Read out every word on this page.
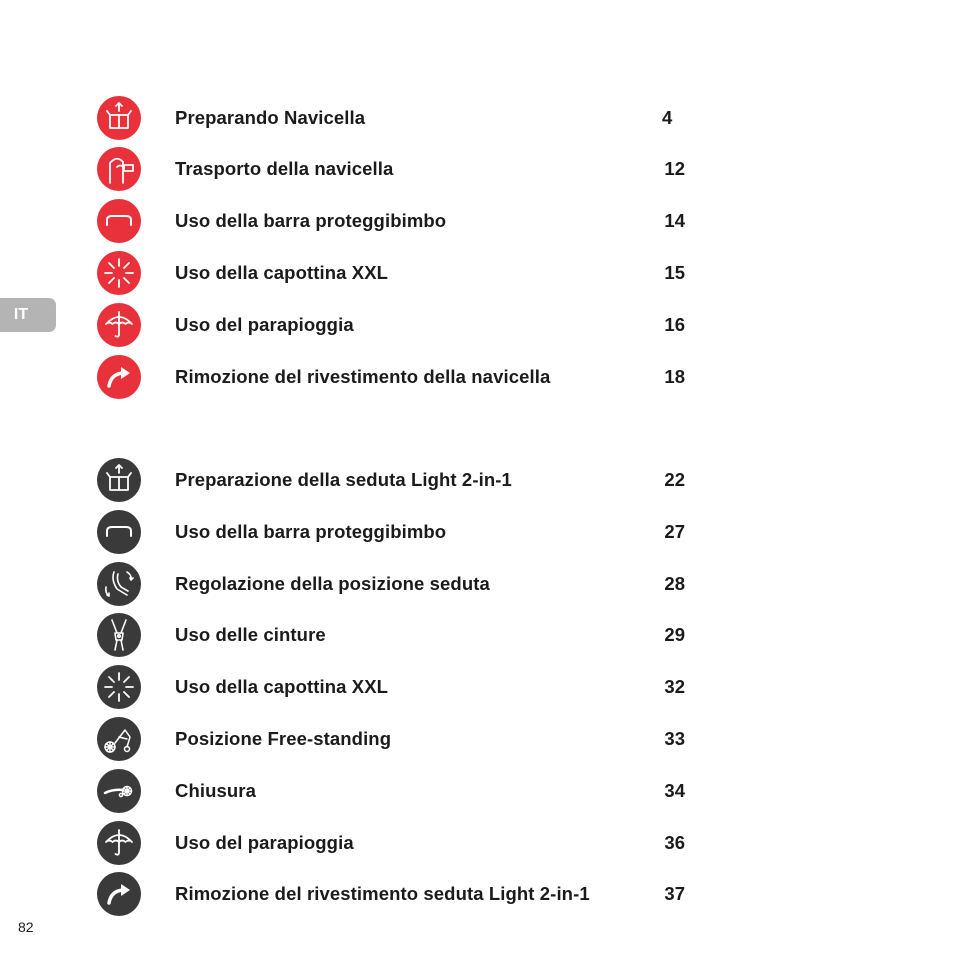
IT
Preparando Navicella	4
Trasporto della navicella	12
Uso della barra proteggibimbo	14
Uso della capottina XXL	15
Uso del parapioggia	16
Rimozione del rivestimento della navicella	18
Preparazione della seduta Light 2-in-1	22
Uso della barra proteggibimbo	27
Regolazione della posizione seduta	28
Uso delle cinture	29
Uso della capottina XXL	32
Posizione Free-standing	33
Chiusura	34
Uso del parapioggia	36
Rimozione del rivestimento seduta Light 2-in-1	37
82
